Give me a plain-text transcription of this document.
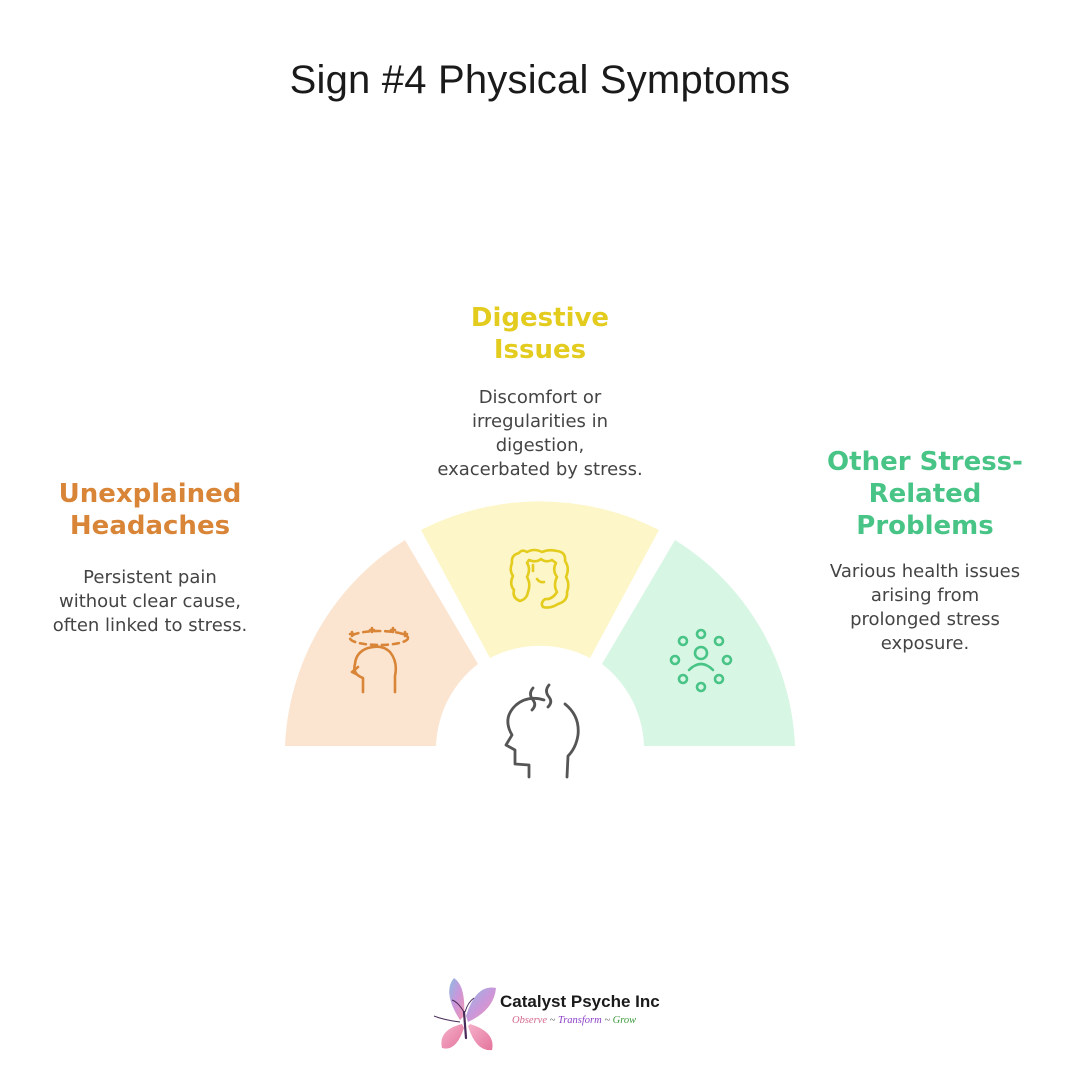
Sign #4 Physical Symptoms
Unexplained
Headaches

Persistent pain
without clear cause,
often linked to stress.

Digestive
Issues

Discomfort or
irregularities in
digestion,
exacerbated by stress.	Other Stress-
Related
Problems

Various health issues
arising from
prolonged stress
exposure.

Catalyst Psyche Inc
Observe ~ Transform ~ Grow
